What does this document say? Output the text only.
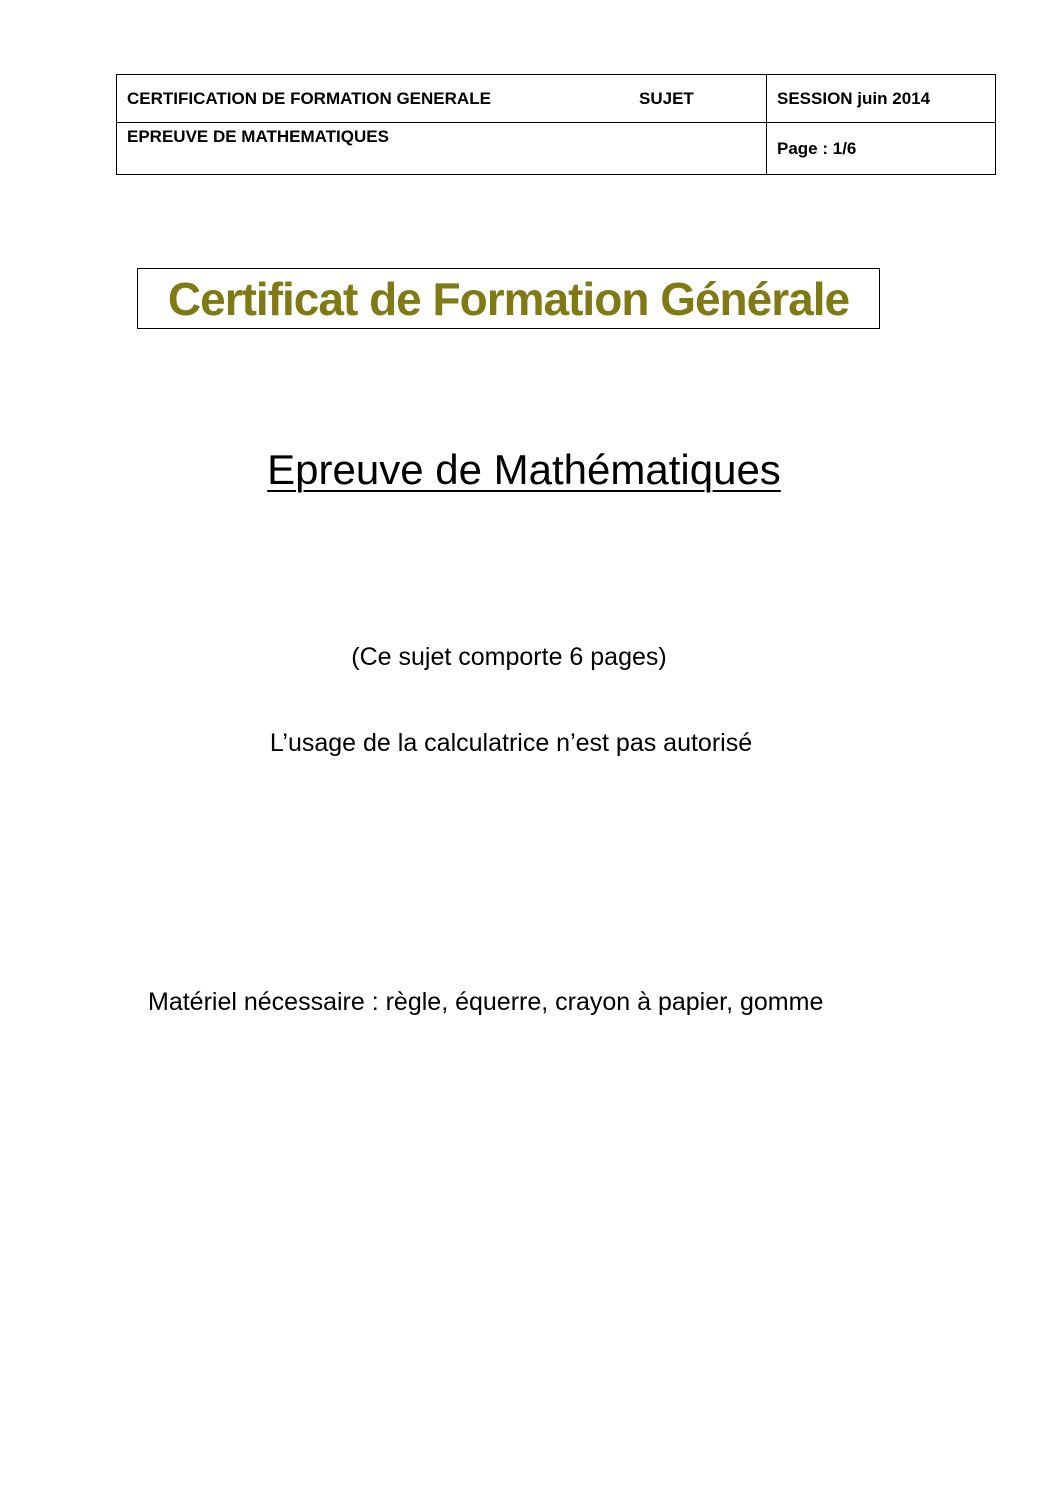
CERTIFICATION DE FORMATION GENERALE SUJET	SESSION juin 2014
EPREUVE DE MATHEMATIQUES	Page : 1/6
Certificat de Formation Générale
Epreuve de Mathématiques
(Ce sujet comporte 6 pages)
L’usage de la calculatrice n’est pas autorisé
Matériel nécessaire : règle, équerre, crayon à papier, gomme
